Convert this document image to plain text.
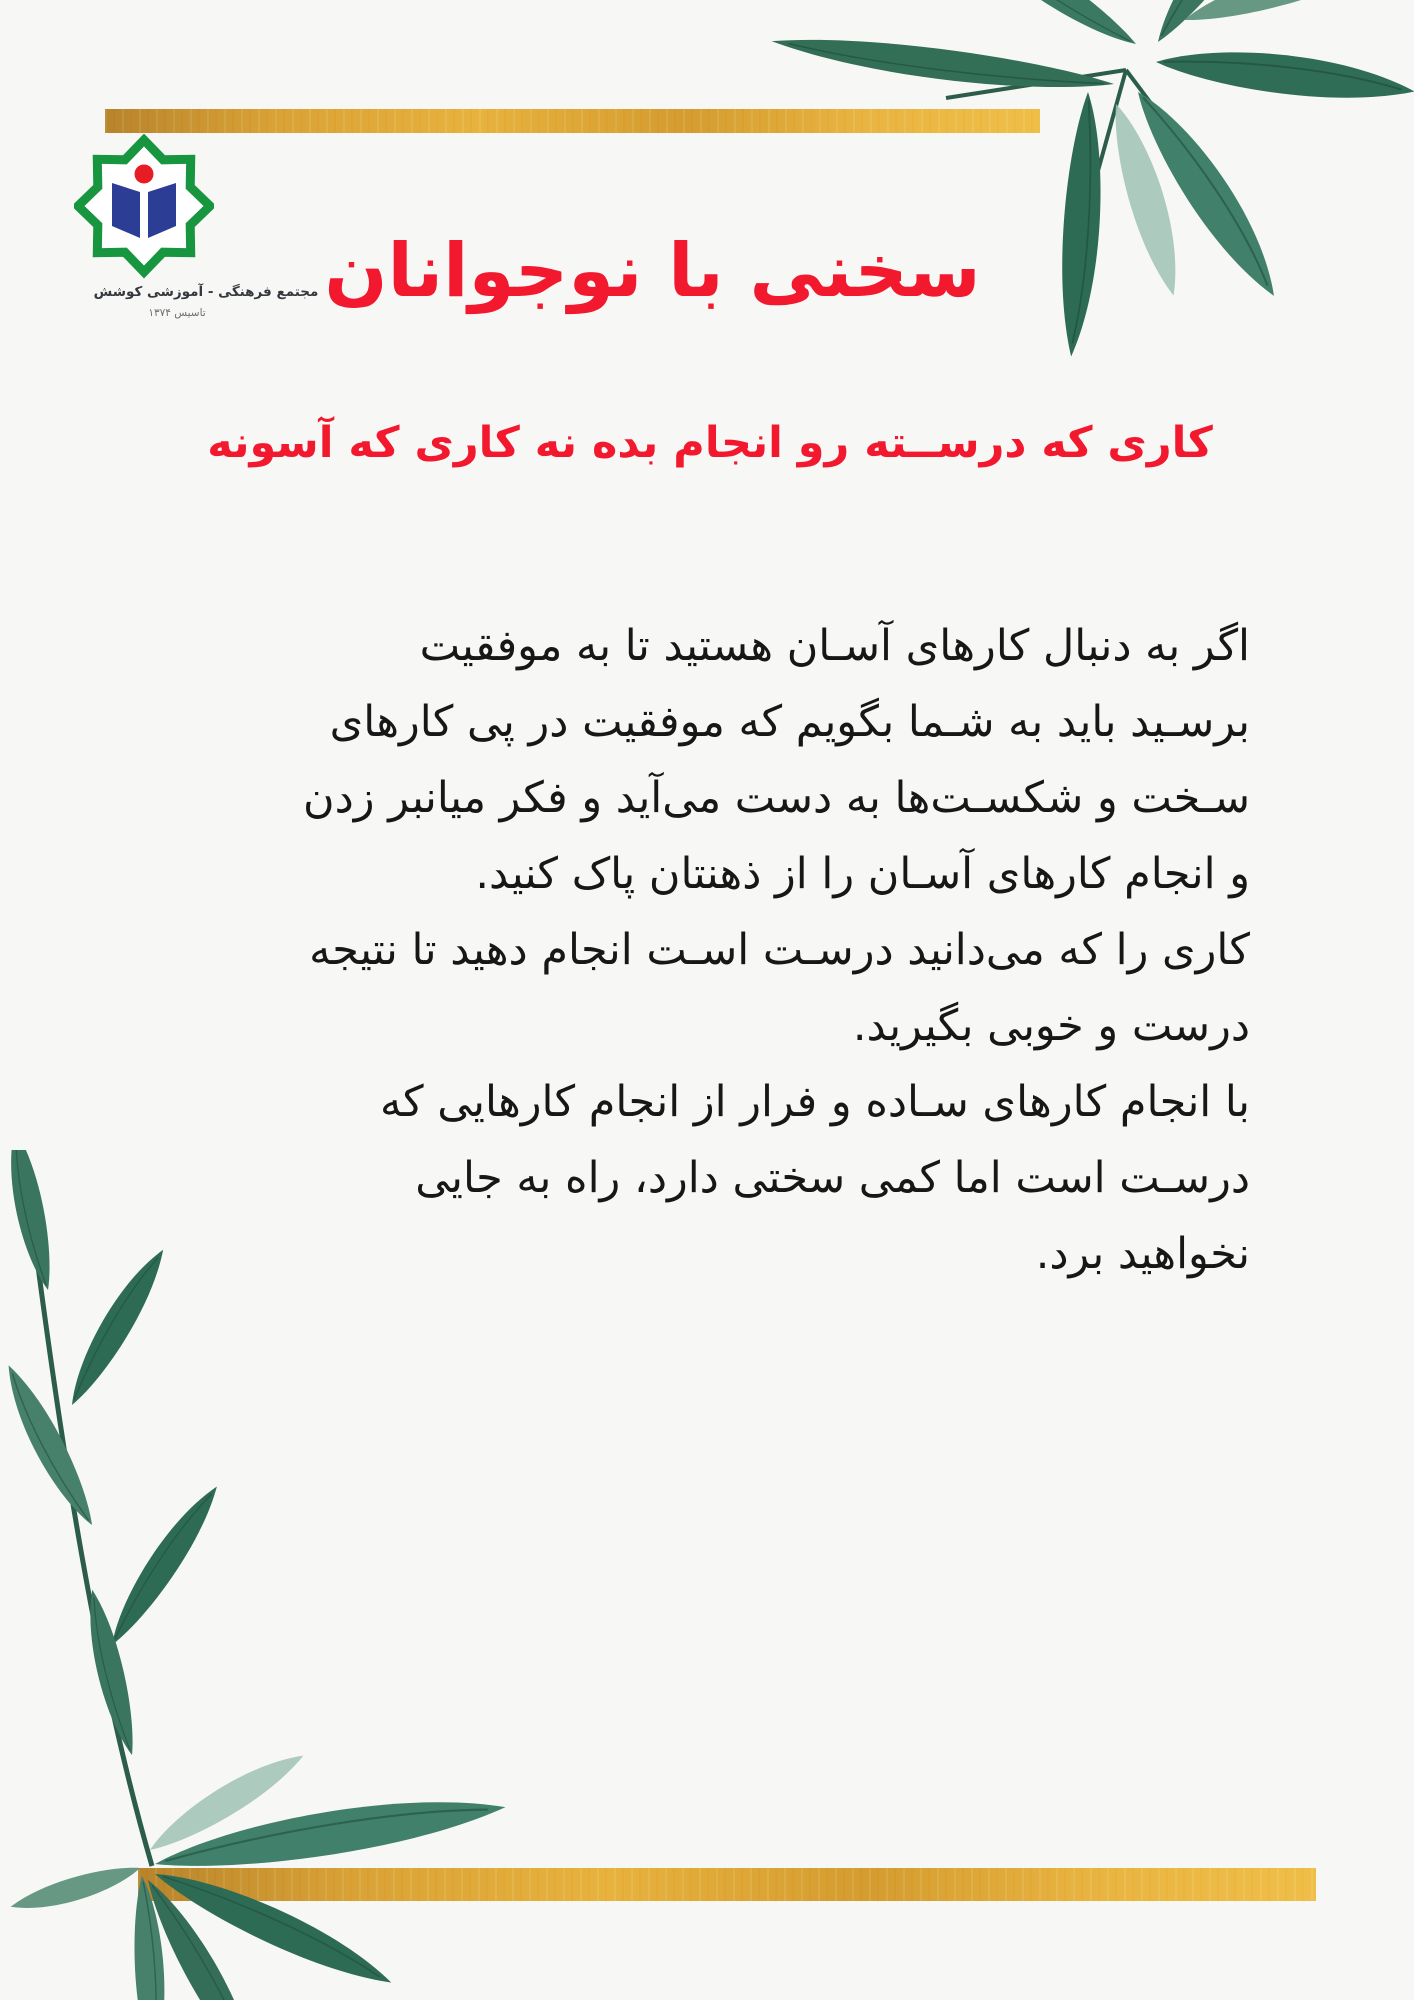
مجتمع فرهنگی - آموزشی کوشش
تاسیس ۱۳۷۴	سخنی با نوجوانان
کاری که درســته رو انجام بده نه کاری که آسونه
اگر به دنبال کارهای آسـان هستید تا به موفقیت
برسـید باید به شـما بگویم که موفقیت در پی کارهای
سـخت و شکسـت‌ها به دست می‌آید و فکر میانبر زدن
و انجام کارهای آسـان را از ذهنتان پاک کنید.
کاری را که می‌دانید درسـت اسـت انجام دهید تا نتیجه
درست و خوبی بگیرید.
با انجام کارهای سـاده و فرار از انجام کارهایی که
درسـت است اما کمی سختی دارد، راه به جایی
نخواهید برد.
